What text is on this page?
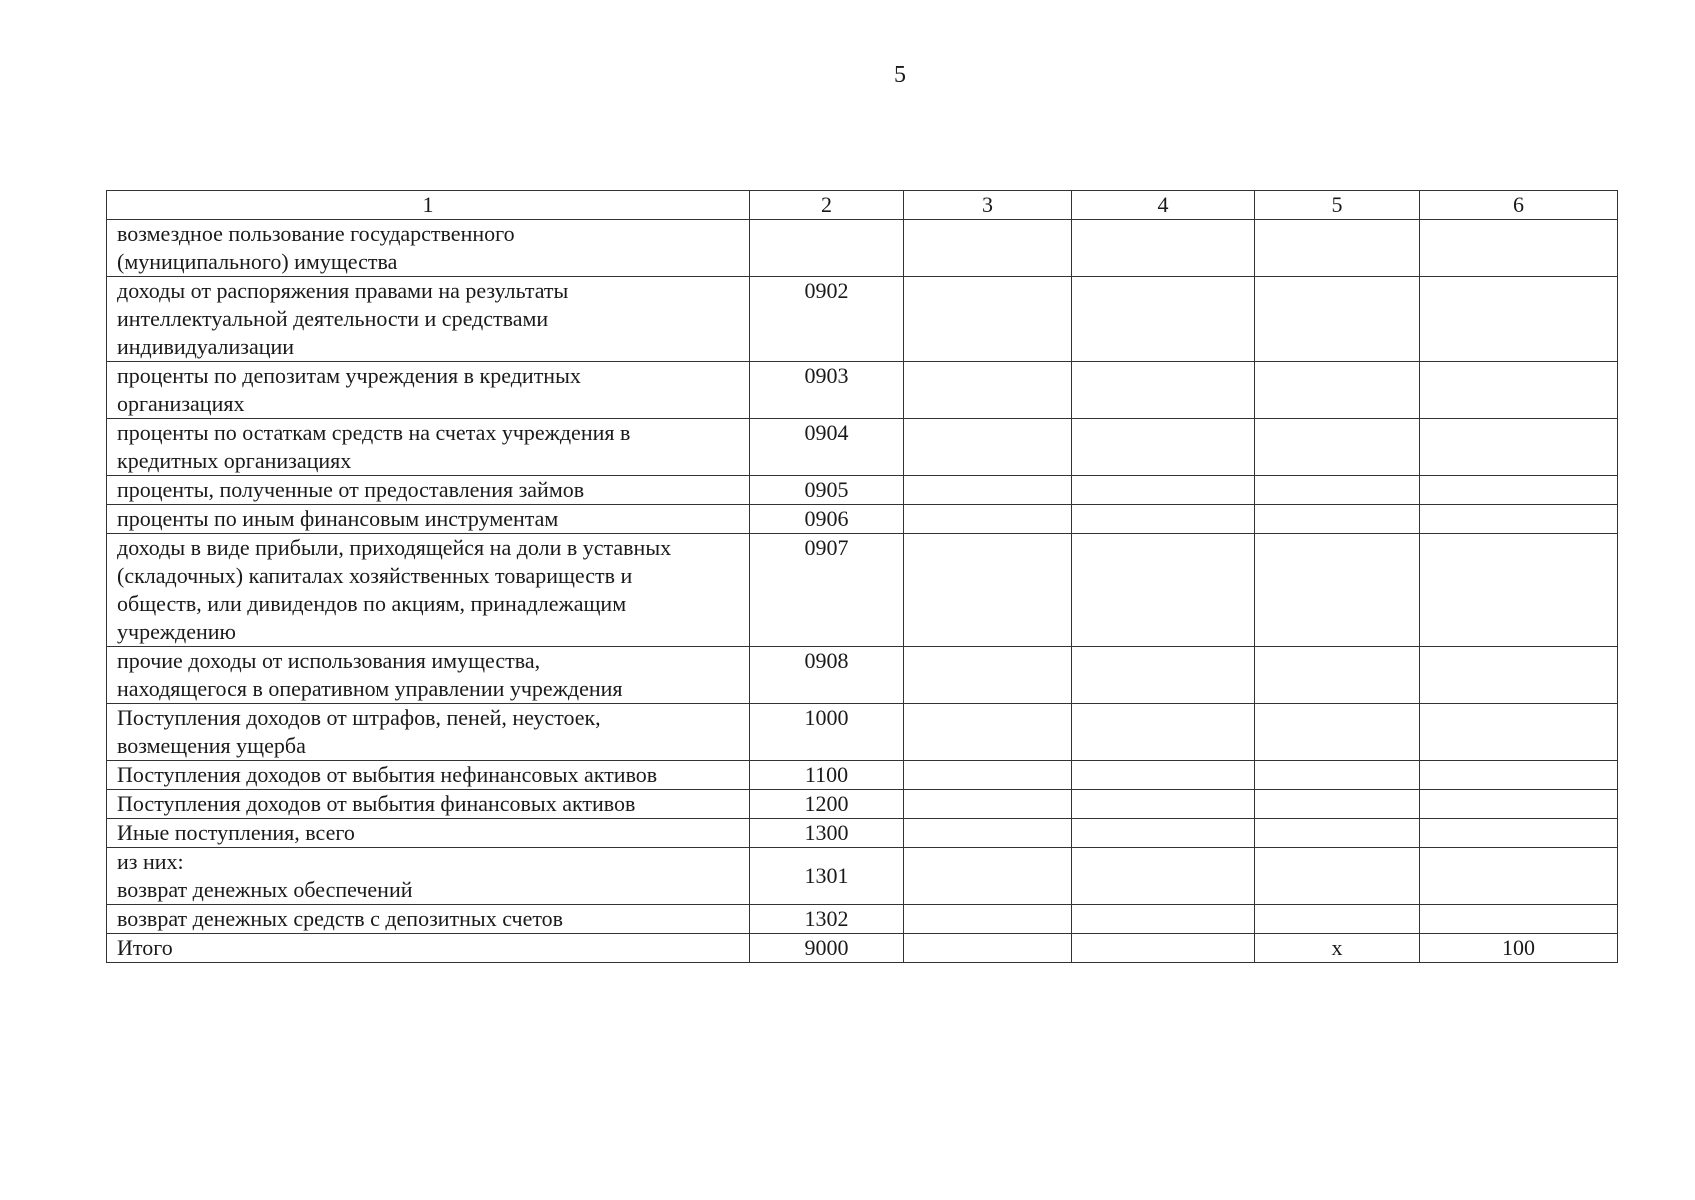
5
1	2	3	4	5	6

возмездное пользование государственного
(муниципального) имущества					

доходы от распоряжения правами на результаты
интеллектуальной деятельности и средствами
индивидуализации	0902				

проценты по депозитам учреждения в кредитных
организациях	0903				

проценты по остаткам средств на счетах учреждения в
кредитных организациях	0904				

проценты, полученные от предоставления займов	0905				

проценты по иным финансовым инструментам	0906				

доходы в виде прибыли, приходящейся на доли в уставных
(складочных) капиталах хозяйственных товариществ и
обществ, или дивидендов по акциям, принадлежащим
учреждению	0907				

прочие доходы от использования имущества,
находящегося в оперативном управлении учреждения	0908				

Поступления доходов от штрафов, пеней, неустоек,
возмещения ущерба	1000				

Поступления доходов от выбытия нефинансовых активов	1100				

Поступления доходов от выбытия финансовых активов	1200				

Иные поступления, всего	1300				

из них:
возврат денежных обеспечений	1301				

возврат денежных средств с депозитных счетов	1302				

Итого	9000			x	100
